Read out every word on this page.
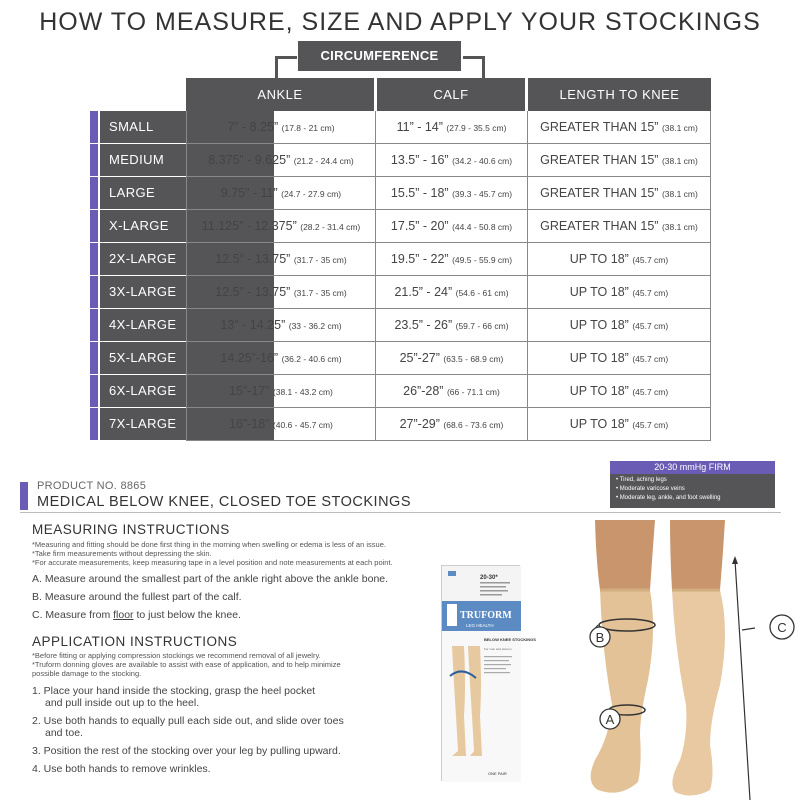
HOW TO MEASURE, SIZE AND APPLY YOUR STOCKINGS
CIRCUMFERENCE
ANKLE	CALF	LENGTH TO KNEE
SMALL	7” - 8.25” (17.8 - 21 cm)	11” - 14” (27.9 - 35.5 cm)	GREATER THAN 15” (38.1 cm)
MEDIUM	8.375” - 9.625” (21.2 - 24.4 cm)	13.5” - 16” (34.2 - 40.6 cm)	GREATER THAN 15” (38.1 cm)
LARGE	9.75” - 11” (24.7 - 27.9 cm)	15.5” - 18” (39.3 - 45.7 cm)	GREATER THAN 15” (38.1 cm)
X-LARGE	11.125” - 12.375” (28.2 - 31.4 cm)	17.5” - 20” (44.4 - 50.8 cm)	GREATER THAN 15” (38.1 cm)
2X-LARGE	12.5” - 13.75” (31.7 - 35 cm)	19.5” - 22” (49.5 - 55.9 cm)	UP TO 18” (45.7 cm)
3X-LARGE	12.5” - 13.75” (31.7 - 35 cm)	21.5” - 24” (54.6 - 61 cm)	UP TO 18” (45.7 cm)
4X-LARGE	13" - 14.25” (33 - 36.2 cm)	23.5” - 26” (59.7 - 66 cm)	UP TO 18” (45.7 cm)
5X-LARGE	14.25”-16” (36.2 - 40.6 cm)	25”-27” (63.5 - 68.9 cm)	UP TO 18” (45.7 cm)
6X-LARGE	15”-17” (38.1 - 43.2 cm)	26”-28” (66 - 71.1 cm)	UP TO 18” (45.7 cm)
7X-LARGE	16”-18” (40.6 - 45.7 cm)	27”-29” (68.6 - 73.6 cm)	UP TO 18” (45.7 cm)
PRODUCT NO. 8865
MEDICAL BELOW KNEE, CLOSED TOE STOCKINGS
20-30 mmHg FIRM
• Tired, aching legs
• Moderate varicose veins
• Moderate leg, ankle, and foot swelling
MEASURING INSTRUCTIONS
*Measuring and fitting should be done first thing in the morning when swelling or edema is less of an issue.
*Take firm measurements without depressing the skin.
*For accurate measurements, keep measuring tape in a level position and note measurements at each point.
A. Measure around the smallest part of the ankle right above the ankle bone.
B. Measure around the fullest part of the calf.
C. Measure from floor to just below the knee.
APPLICATION INSTRUCTIONS
*Before fitting or applying compression stockings we recommend removal of all jewelry.
*Truform donning gloves are available to assist with ease of application, and to help minimize
possible damage to the stocking.
1. Place your hand inside the stocking, grasp the heel pocket
and pull inside out up to the heel.
2. Use both hands to equally pull each side out, and slide over toes
and toe.
3. Position the rest of the stocking over your leg by pulling upward.
4. Use both hands to remove wrinkles.
20-30*
TRUFORM
LEG HEALTH
BELOW KNEE STOCKINGS
For men and women
ONE PAIR
B
A
C
